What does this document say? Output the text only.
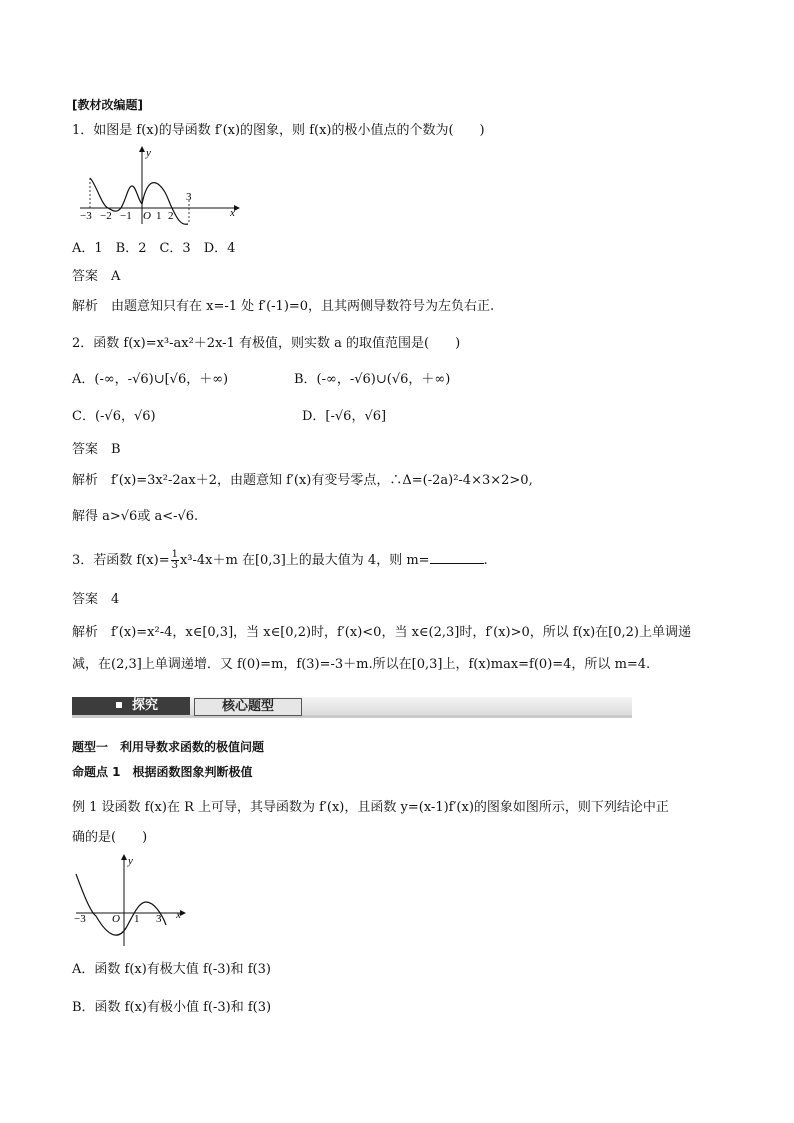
[教材改编题]
1．如图是 f(x)的导函数 f′(x)的图象，则 f(x)的极小值点的个数为(　　)
y
x
O
−3 −2 −1 1 2
3
A．1　B．2　C．3　D．4
答案　 A
解析　 由题意知只有在 x=-1 处 f′(-1)=0，且其两侧导数符号为左负右正.
2．函数 f(x)=x³-ax²＋2x-1 有极值，则实数 a 的取值范围是(　　)
A．(-∞，-√6)∪[√6，＋∞)	B．(-∞，-√6)∪(√6，＋∞)
C．(-√6，√6)	D．[-√6，√6]
答案　 B
解析　 f′(x)=3x²-2ax＋2，由题意知 f′(x)有变号零点，∴Δ=(-2a)²-4×3×2>0,
解得 a>√6或 a<-√6.
3．若函数 $f(x)= \frac{1}{3} x^3-4x+m$ 在[0,3]上的最大值为 4，则 m=	.
答案　 4
解析　 f′(x)=x²-4，x∈[0,3]，当 x∈[0,2)时，f′(x)<0，当 x∈(2,3]时，f′(x)>0，所以 f(x)在[0,2)上单调递
减，在(2,3]上单调递增．又 f(0)=m，f(3)=-3＋m.所以在[0,3]上，f(x)max=f(0)=4，所以 m=4.
探究	核心题型
题型一　利用导数求函数的极值问题
命题点 1　根据函数图象判断极值
例 1 设函数 f(x)在 R 上可导，其导函数为 f′(x)，且函数 y=(x-1)f′(x)的图象如图所示，则下列结论中正
确的是(　　)
y
x
O
−3	1 3
A．函数 f(x)有极大值 f(-3)和 f(3)
B．函数 f(x)有极小值 f(-3)和 f(3)
